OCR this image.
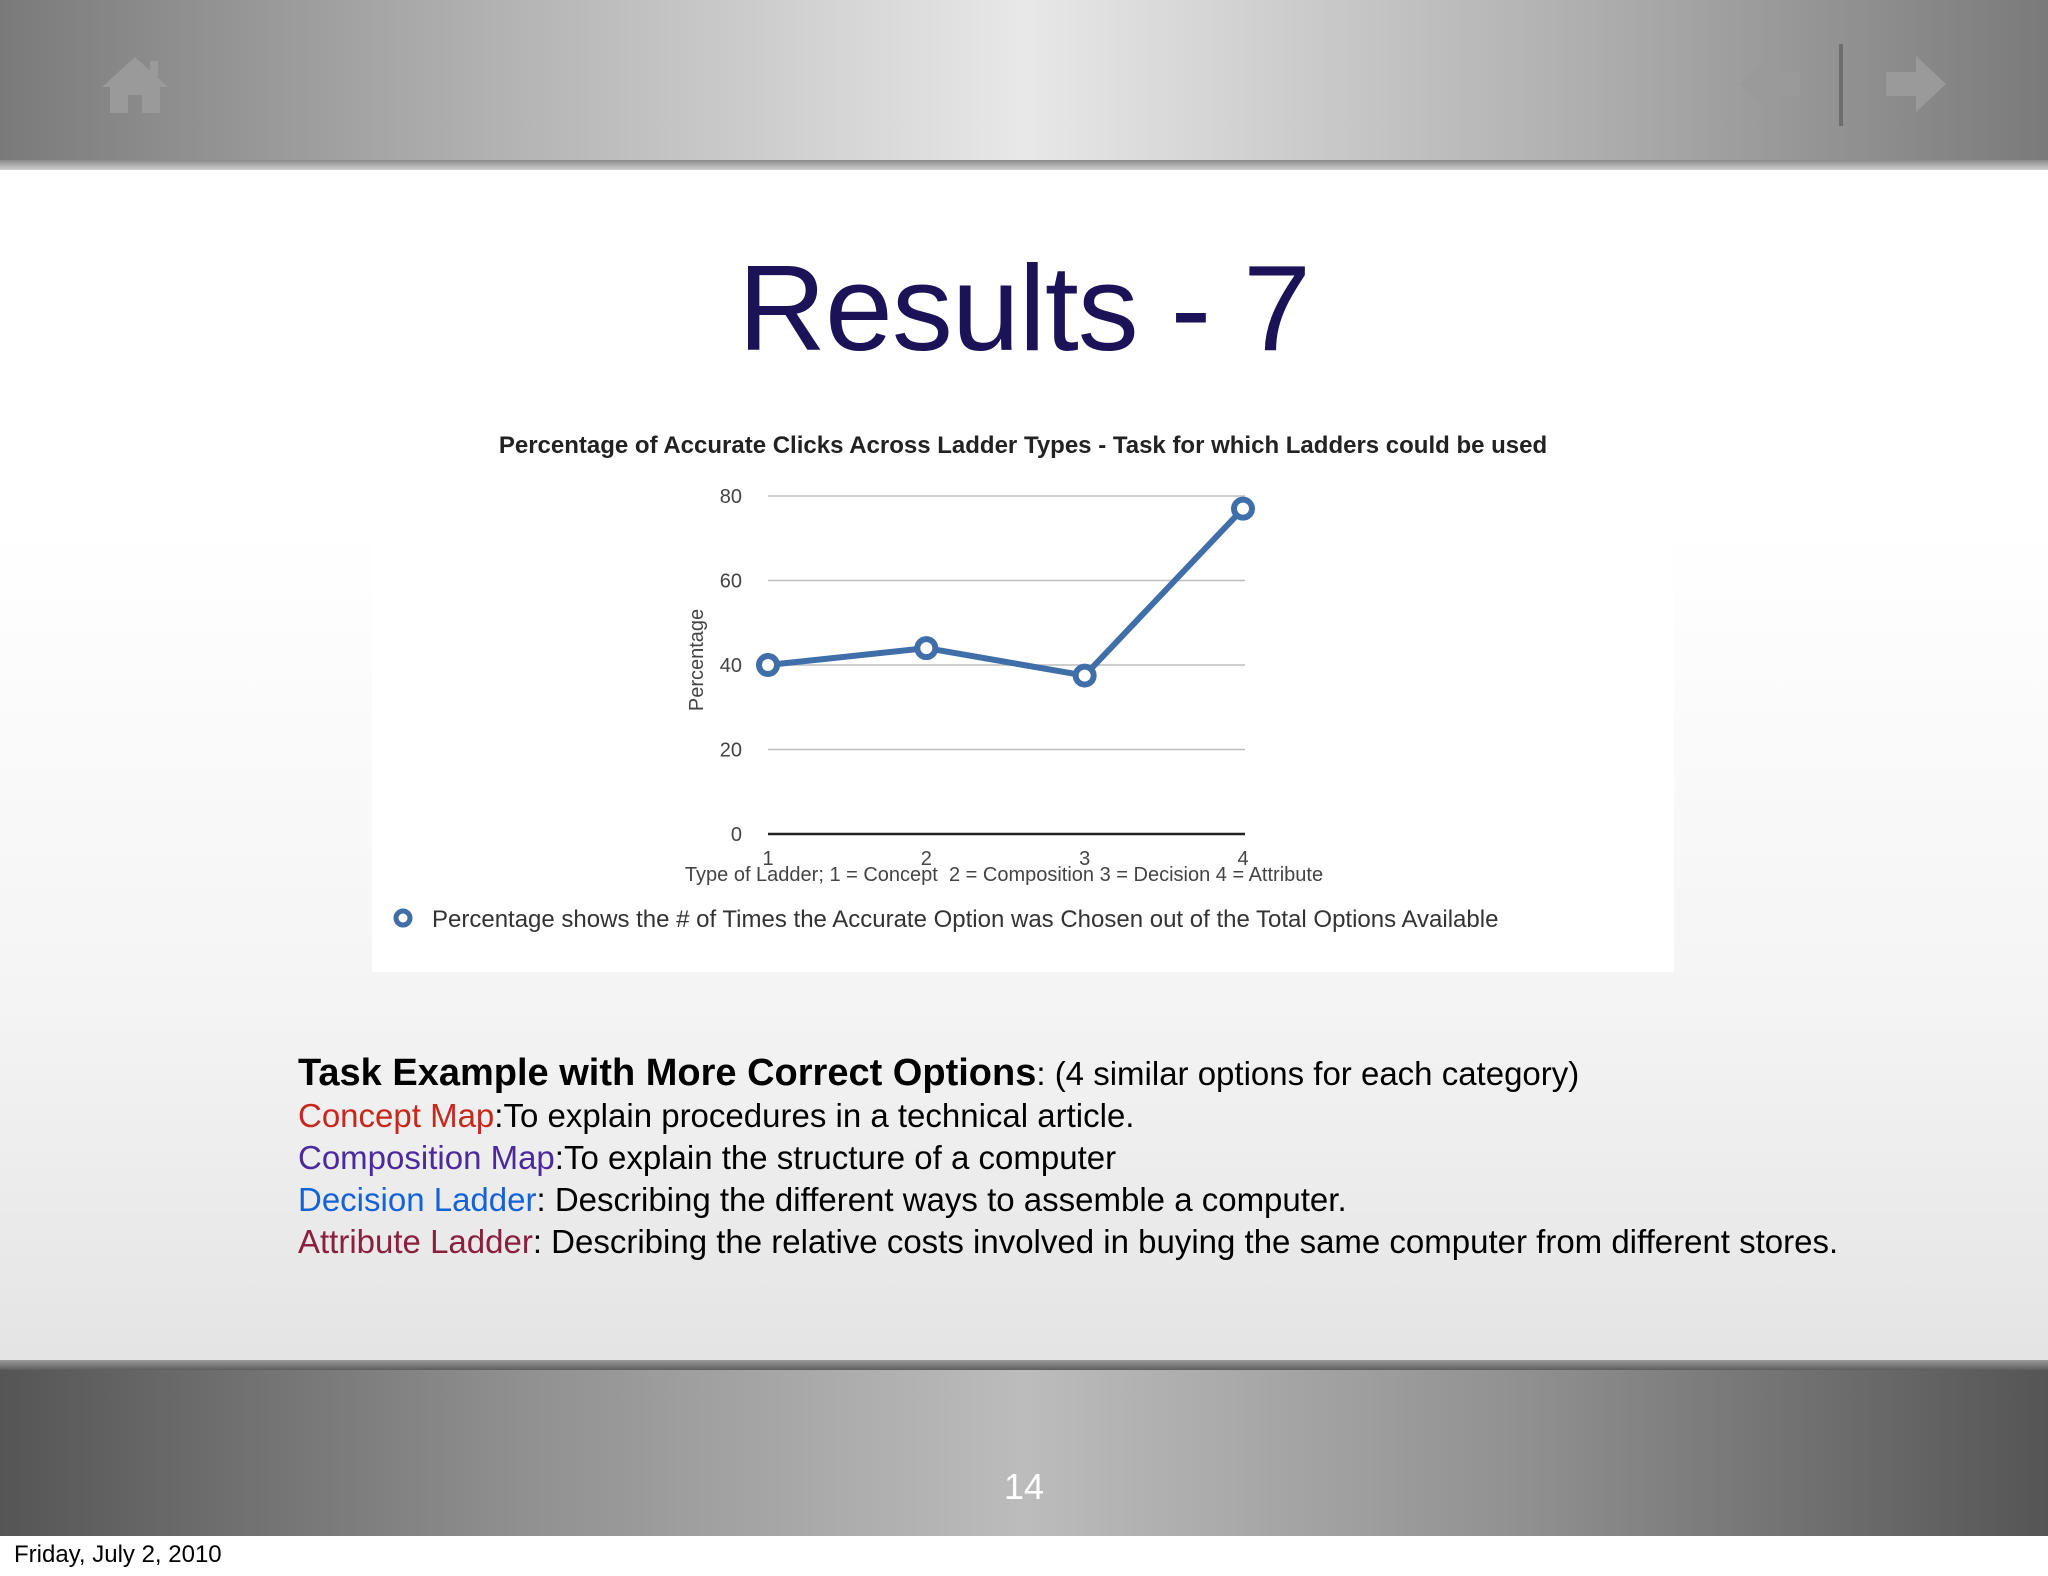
Results - 7
Percentage of Accurate Clicks Across Ladder Types - Task for which Ladders could be used
0
20
40
60
80
1	2	3	4
Percentage
Type of Ladder; 1 = Concept  2 = Composition 3 = Decision 4 = Attribute
Percentage shows the # of Times the Accurate Option was Chosen out of the Total Options Available
Task Example with More Correct Options: (4 similar options for each category)
Concept Map:To explain procedures in a technical article.
Composition Map:To explain the structure of a computer
Decision Ladder: Describing the different ways to assemble a computer.
Attribute Ladder: Describing the relative costs involved in buying the same computer from different stores.
14
Friday, July 2, 2010
